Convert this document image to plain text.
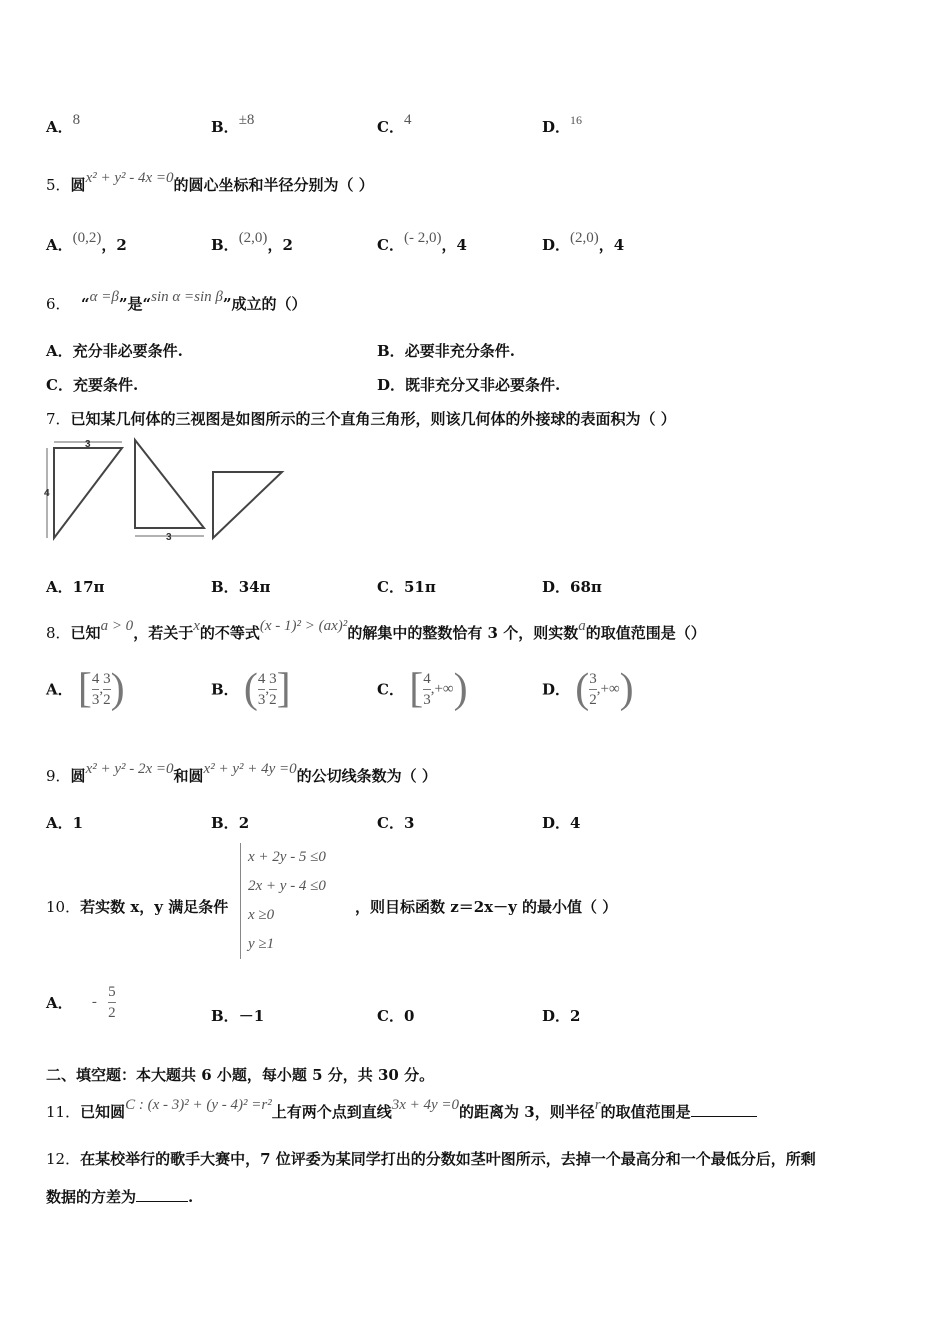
A．8	B．±8	C．4	D．$^{16}$
5．圆x² + y² - 4x =0的圆心坐标和半径分别为（ ）
A．(0,2)，2	B．(2,0)，2	C．(- 2,0)，4	D．(2,0)，4
6． “α =β”是“sin α =sin β”成立的（）
A．充分非必要条件.	B．必要非充分条件.
C．充要条件.	D．既非充分又非必要条件.
7．已知某几何体的三视图是如图所示的三个直角三角形，则该几何体的外接球的表面积为（ ）
3
4
3
A．17π	B．34π	C．51π	D．68π
8．已知a > 0，若关于x的不等式(x - 1)² > (ax)²的解集中的整数恰有 3 个，则实数a的取值范围是（）
A． [ $\frac{4}{3}$ , $\frac{3}{2}$ )	B． ( $\frac{4}{3}$ , $\frac{3}{2}$ ]	C． [ $\frac{4}{3}$ , +∞ )	D． ( $\frac{3}{2}$ , +∞ )
9．圆x² + y² - 2x =0和圆x² + y² + 4y =0的公切线条数为（ ）
A．1	B．2	C．3	D．4
10．若实数 x，y 满足条件
x + 2y - 5 ≤0
2x + y - 4 ≤0
x ≥0
y ≥1
，则目标函数 z＝2x－y 的最小值（ ）
A． - $\frac{5}{2}$	B．－1	C．0	D．2
二、填空题：本大题共 6 小题，每小题 5 分，共 30 分。
11．已知圆C : (x - 3)² + (y - 4)² =r²上有两个点到直线3x + 4y =0的距离为 3，则半径r的取值范围是
12．在某校举行的歌手大赛中，7 位评委为某同学打出的分数如茎叶图所示，去掉一个最高分和一个最低分后，所剩
数据的方差为	.
